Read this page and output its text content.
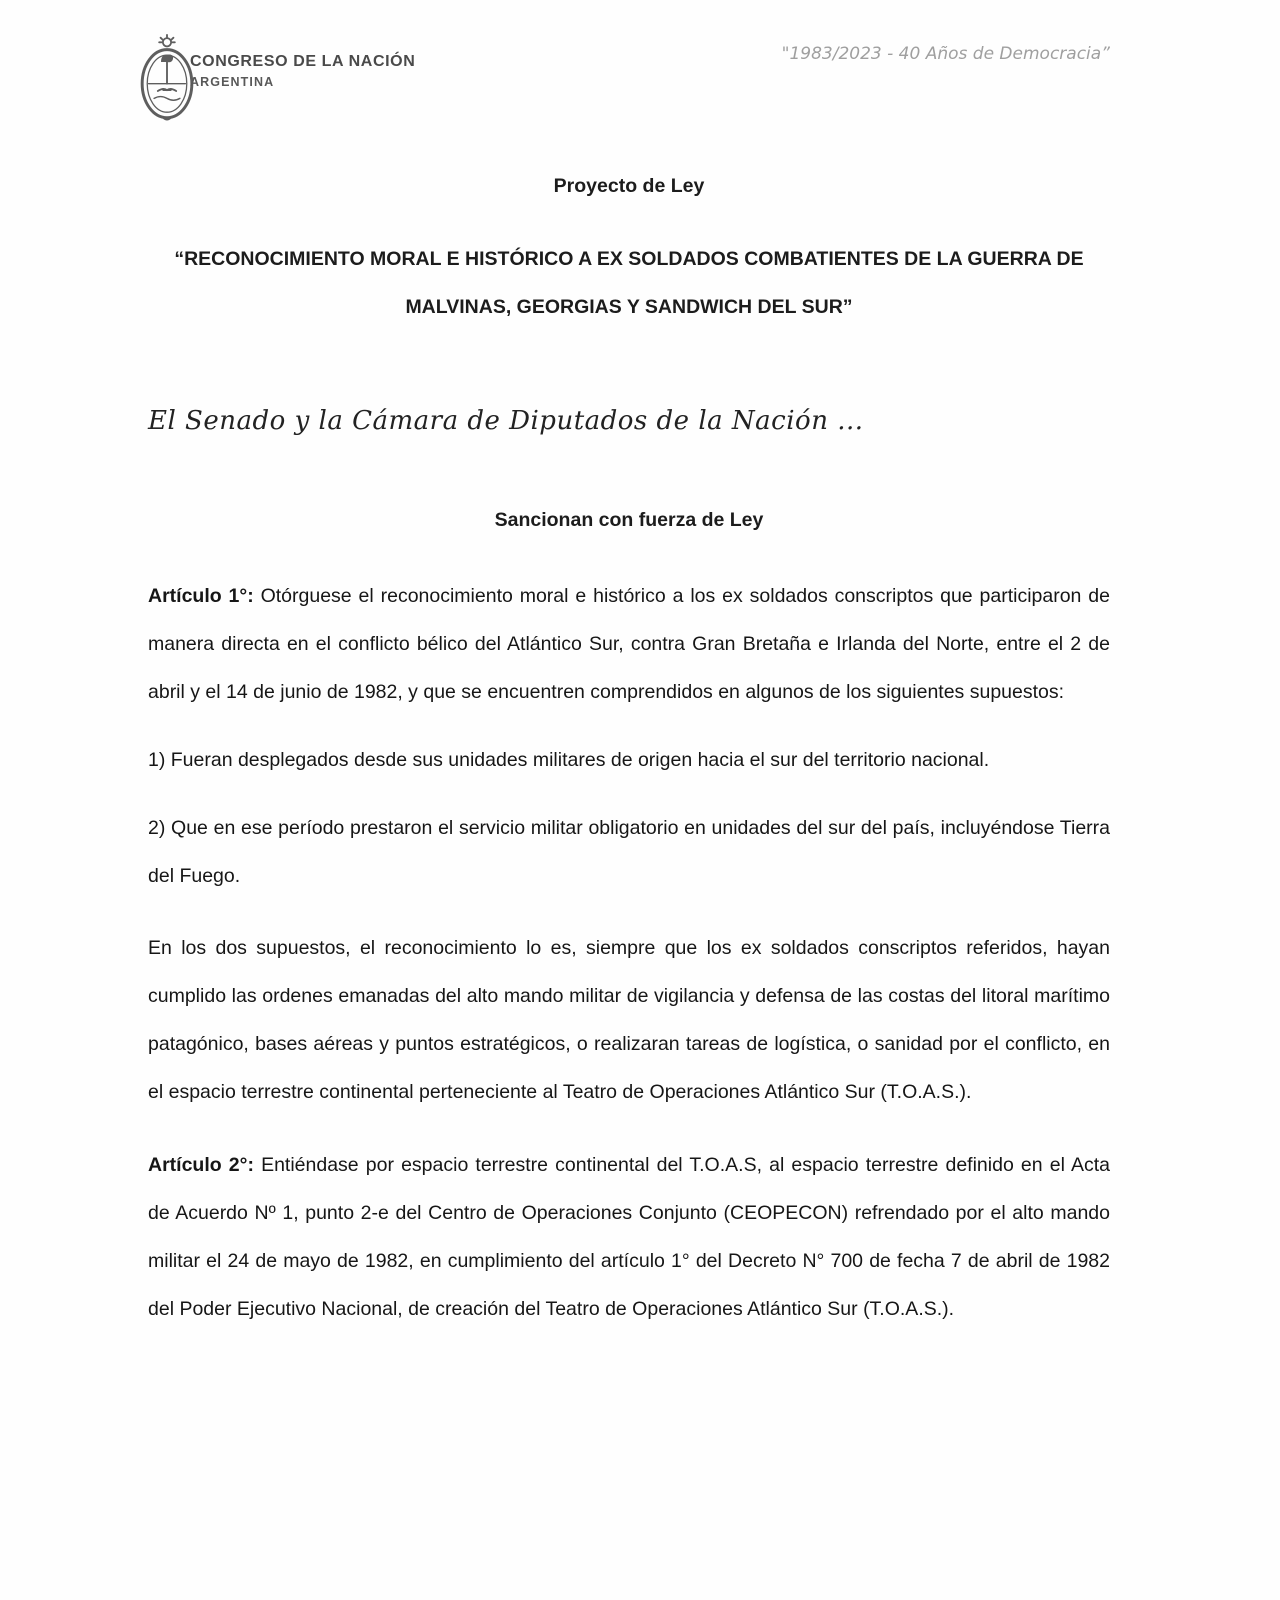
CONGRESO DE LA NACIÓN
ARGENTINA
"1983/2023 - 40 Años de Democracia”
Proyecto de Ley
“RECONOCIMIENTO MORAL E HISTÓRICO A EX SOLDADOS COMBATIENTES DE LA GUERRA DE
MALVINAS, GEORGIAS Y SANDWICH DEL SUR”
El Senado y la Cámara de Diputados de la Nación ...
Sancionan con fuerza de Ley

Artículo 1°: Otórguese el reconocimiento moral e histórico a los ex soldados conscriptos que participaron de manera directa en el conflicto bélico del Atlántico Sur, contra Gran Bretaña e Irlanda del Norte, entre el 2 de abril y el 14 de junio de 1982, y que se encuentren comprendidos en algunos de los siguientes supuestos:

1) Fueran desplegados desde sus unidades militares de origen hacia el sur del territorio nacional.

2) Que en ese período prestaron el servicio militar obligatorio en unidades del sur del país, incluyéndose Tierra del Fuego.

En los dos supuestos, el reconocimiento lo es, siempre que los ex soldados conscriptos referidos, hayan cumplido las ordenes emanadas del alto mando militar de vigilancia y defensa de las costas del litoral marítimo patagónico, bases aéreas y puntos estratégicos, o realizaran tareas de logística, o sanidad por el conflicto, en el espacio terrestre continental perteneciente al Teatro de Operaciones Atlántico Sur (T.O.A.S.).

Artículo 2°: Entiéndase por espacio terrestre continental del T.O.A.S, al espacio terrestre definido en el Acta de Acuerdo Nº 1, punto 2-e del Centro de Operaciones Conjunto (CEOPECON) refrendado por el alto mando militar el 24 de mayo de 1982, en cumplimiento del artículo 1° del Decreto N° 700 de fecha 7 de abril de 1982 del Poder Ejecutivo Nacional, de creación del Teatro de Operaciones Atlántico Sur (T.O.A.S.).
